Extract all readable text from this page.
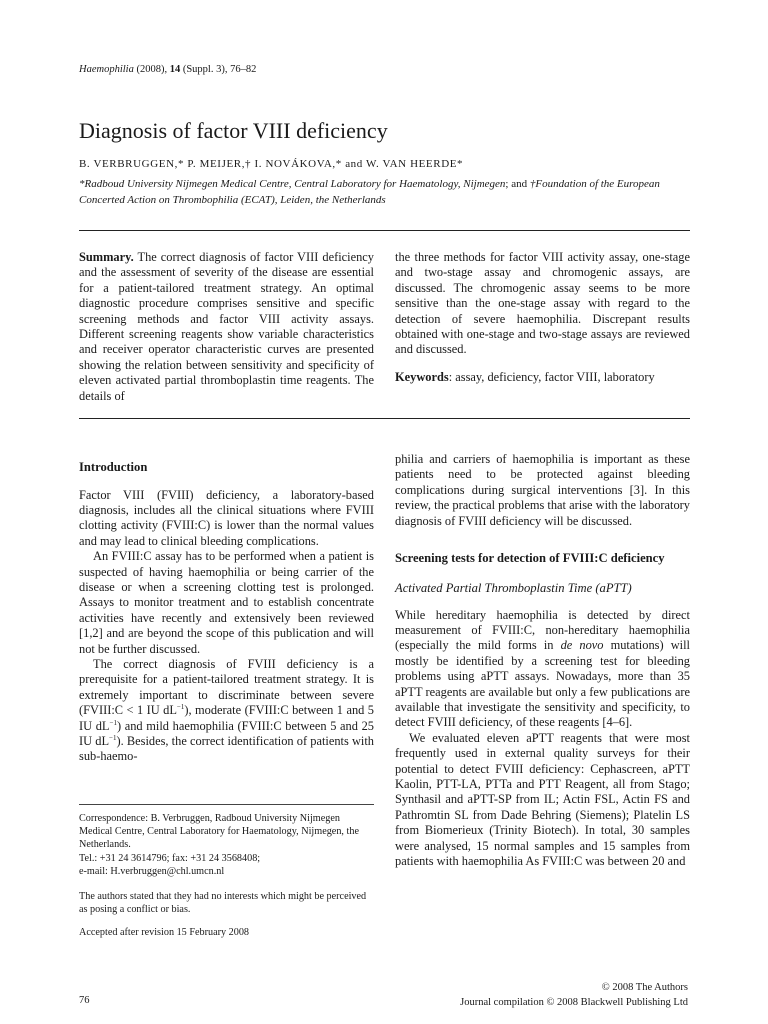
Haemophilia (2008), 14 (Suppl. 3), 76–82
Diagnosis of factor VIII deficiency
B. VERBRUGGEN,* P. MEIJER,† I. NOVÁKOVA,* and W. VAN HEERDE*
*Radboud University Nijmegen Medical Centre, Central Laboratory for Haematology, Nijmegen; and †Foundation of the European Concerted Action on Thrombophilia (ECAT), Leiden, the Netherlands

Summary. The correct diagnosis of factor VIII deficiency and the assessment of severity of the disease are essential for a patient-tailored treatment strategy. An optimal diagnostic procedure comprises sensitive and specific screening methods and factor VIII activity assays. Different screening reagents show variable characteristics and receiver operator characteristic curves are presented showing the relation between sensitivity and specificity of eleven activated partial thromboplastin time reagents. The details of

the three methods for factor VIII activity assay, one-stage and two-stage assay and chromogenic assays, are discussed. The chromogenic assay seems to be more sensitive than the one-stage assay with regard to the detection of severe haemophilia. Discrepant results obtained with one-stage and two-stage assays are reviewed and discussed.

Keywords: assay, deficiency, factor VIII, laboratory

Introduction

Factor VIII (FVIII) deficiency, a laboratory-based diagnosis, includes all the clinical situations where FVIII clotting activity (FVIII:C) is lower than the normal values and may lead to clinical bleeding complications.

An FVIII:C assay has to be performed when a patient is suspected of having haemophilia or being carrier of the disease or when a screening clotting test is prolonged. Assays to monitor treatment and to establish concentrate activities have recently and extensively been reviewed [1,2] and are beyond the scope of this publication and will not be further discussed.

The correct diagnosis of FVIII deficiency is a prerequisite for a patient-tailored treatment strategy. It is extremely important to discriminate between severe (FVIII:C < 1 IU $dL^{-1}$), moderate (FVIII:C between 1 and 5 IU $dL^{-1}$) and mild haemophilia (FVIII:C between 5 and 25 IU $dL^{-1}$). Besides, the correct identification of patients with sub-haemo-

Correspondence: B. Verbruggen, Radboud University Nijmegen Medical Centre, Central Laboratory for Haematology, Nijmegen, the Netherlands.

Tel.: +31 24 3614796; fax: +31 24 3568408;

e-mail: H.verbruggen@chl.umcn.nl

The authors stated that they had no interests which might be perceived as posing a conflict or bias.

Accepted after revision 15 February 2008

philia and carriers of haemophilia is important as these patients need to be protected against bleeding complications during surgical interventions [3]. In this review, the practical problems that arise with the laboratory diagnosis of FVIII deficiency will be discussed.

Screening tests for detection of FVIII:C deficiency
Activated Partial Thromboplastin Time (aPTT)

While hereditary haemophilia is detected by direct measurement of FVIII:C, non-hereditary haemophilia (especially the mild forms in de novo mutations) will mostly be identified by a screening test for bleeding problems using aPTT assays. Nowadays, more than 35 aPTT reagents are available but only a few publications are available that investigate the sensitivity and specificity, to detect FVIII deficiency, of these reagents [4–6].

We evaluated eleven aPTT reagents that were most frequently used in external quality surveys for their potential to detect FVIII deficiency: Cephascreen, aPTT Kaolin, PTT-LA, PTTa and PTT Reagent, all from Stago; Synthasil and aPTT-SP from IL; Actin FSL, Actin FS and Pathromtin SL from Dade Behring (Siemens); Platelin LS from Biomerieux (Trinity Biotech). In total, 30 samples were analysed, 15 normal samples and 15 samples from patients with haemophilia As FVIII:C was between 20 and

76
© 2008 The Authors
Journal compilation © 2008 Blackwell Publishing Ltd
